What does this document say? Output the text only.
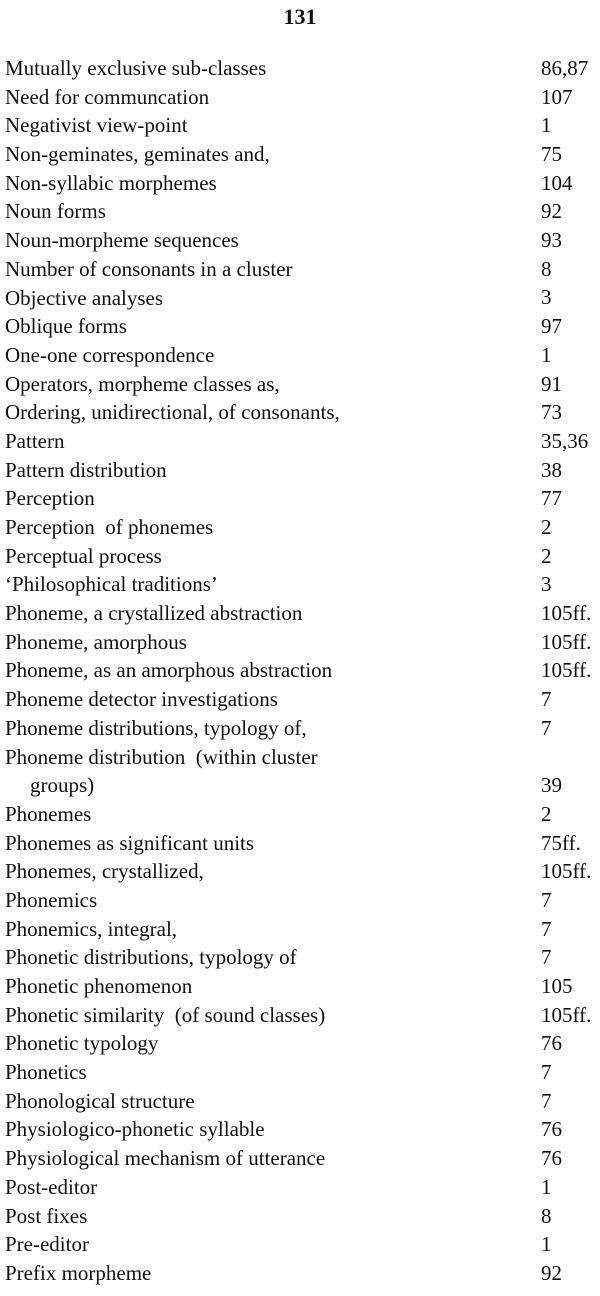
131
Mutually exclusive sub-classes	86,87
Need for communcation	107
Negativist view-point	1
Non-geminates, geminates and,	75
Non-syllabic morphemes	104
Noun forms	92
Noun-morpheme sequences	93
Number of consonants in a cluster	8
Objective analyses	3
Oblique forms	97
One-one correspondence	1
Operators, morpheme classes as,	91
Ordering, unidirectional, of consonants,	73
Pattern	35,36
Pattern distribution	38
Perception	77
Perception  of phonemes	2
Perceptual process	2
‘Philosophical traditions’	3
Phoneme, a crystallized abstraction	105ff.
Phoneme, amorphous	105ff.
Phoneme, as an amorphous abstraction	105ff.
Phoneme detector investigations	7
Phoneme distributions, typology of,	7
Phoneme distribution  (within cluster
groups)	39
Phonemes	2
Phonemes as significant units	75ff.
Phonemes, crystallized,	105ff.
Phonemics	7
Phonemics, integral,	7
Phonetic distributions, typology of	7
Phonetic phenomenon	105
Phonetic similarity  (of sound classes)	105ff.
Phonetic typology	76
Phonetics	7
Phonological structure	7
Physiologico-phonetic syllable	76
Physiological mechanism of utterance	76
Post-editor	1
Post fixes	8
Pre-editor	1
Prefix morpheme	92
